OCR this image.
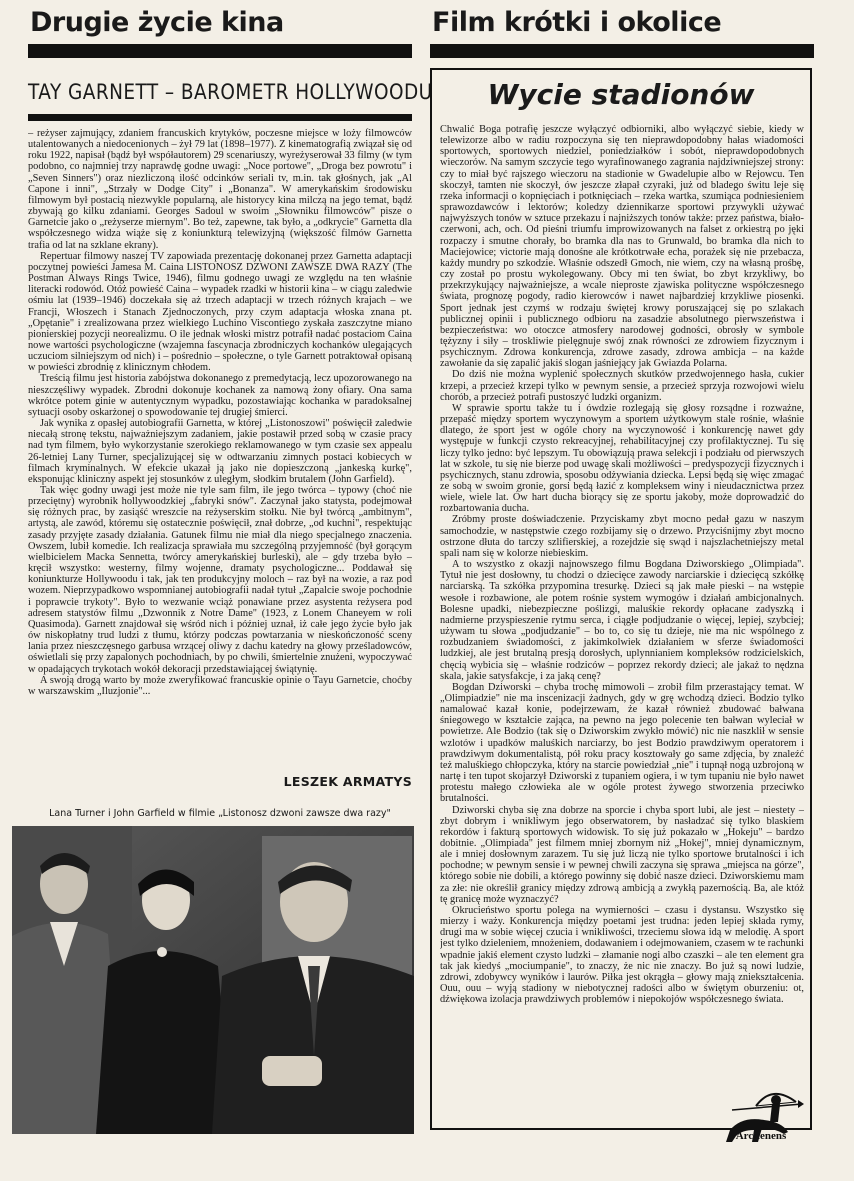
Drugie życie kina	Film krótki i okolice
TAY GARNETT – BAROMETR HOLLYWOODU

– reżyser zajmujący, zdaniem francuskich krytyków, poczesne miejsce w loży filmowców utalentowanych a niedocenionych – żył 79 lat (1898–1977). Z kinematografią związał się od roku 1922, napisał (bądź był współautorem) 29 scenariuszy, wyreżyserował 33 filmy (w tym podobno, co najmniej trzy naprawdę godne uwagi: „Noce portowe", „Droga bez powrotu" i „Seven Sinners") oraz niezliczoną ilość odcinków seriali tv, m.in. tak głośnych, jak „Al Capone i inni", „Strzały w Dodge City" i „Bonanza". W amerykańskim środowisku filmowym był postacią niezwykle popularną, ale historycy kina milczą na jego temat, bądź zbywają go kilku zdaniami. Georges Sadoul w swoim „Słowniku filmowców" pisze o Garnetcie jako o „reżyserze miernym". Bo też, zapewne, tak było, a „odkrycie" Garnetta dla współczesnego widza wiąże się z koniunkturą telewizyjną (większość filmów Garnetta trafia od lat na szklane ekrany).

Repertuar filmowy naszej TV zapowiada prezentację dokonanej przez Garnetta adaptacji poczytnej powieści Jamesa M. Caina LISTONOSZ DZWONI ZAWSZE DWA RAZY (The Postman Always Rings Twice, 1946), filmu godnego uwagi ze względu na ten właśnie literacki rodowód. Otóż powieść Caina – wypadek rzadki w historii kina – w ciągu zaledwie ośmiu lat (1939–1946) doczekała się aż trzech adaptacji w trzech różnych krajach – we Francji, Włoszech i Stanach Zjednoczonych, przy czym adaptacja włoska znana pt. „Opętanie" i zrealizowana przez wielkiego Luchino Viscontiego zyskała zaszczytne miano pionierskiej pozycji neorealizmu. O ile jednak włoski mistrz potrafił nadać postaciom Caina nowe wartości psychologiczne (wzajemna fascynacja zbrodniczych kochanków ulegających uczuciom silniejszym od nich) i – pośrednio – społeczne, o tyle Garnett potraktował opisaną w powieści zbrodnię z klinicznym chłodem.

Treścią filmu jest historia zabójstwa dokonanego z premedytacją, lecz upozorowanego na nieszczęśliwy wypadek. Zbrodni dokonuje kochanek za namową żony ofiary. Ona sama wkrótce potem ginie w autentycznym wypadku, pozostawiając kochanka w paradoksalnej sytuacji osoby oskarżonej o spowodowanie tej drugiej śmierci.

Jak wynika z opasłej autobiografii Garnetta, w której „Listonoszowi" poświęcił zaledwie niecałą stronę tekstu, najważniejszym zadaniem, jakie postawił przed sobą w czasie pracy nad tym filmem, było wykorzystanie szerokiego reklamowanego w tym czasie sex appealu 26-letniej Lany Turner, specjalizującej się w odtwarzaniu zimnych postaci kobiecych w filmach kryminalnych. W efekcie ukazał ją jako nie dopieszczoną „jankeską kurkę", eksponując kliniczny aspekt jej stosunków z uległym, słodkim brutalem (John Garfield).

Tak więc godny uwagi jest może nie tyle sam film, ile jego twórca – typowy (choć nie przeciętny) wyrobnik hollywoodzkiej „fabryki snów". Zaczynał jako statysta, podejmował się różnych prac, by zasiąść wreszcie na reżyserskim stołku. Nie był twórcą „ambitnym", artystą, ale zawód, któremu się ostatecznie poświęcił, znał dobrze, „od kuchni", respektując zasady przyjęte zasady działania. Gatunek filmu nie miał dla niego specjalnego znaczenia. Owszem, lubił komedie. Ich realizacja sprawiała mu szczególną przyjemność (był gorącym wielbicielem Macka Sennetta, twórcy amerykańskiej burleski), ale – gdy trzeba było – kręcił wszystko: westerny, filmy wojenne, dramaty psychologiczne... Poddawał się koniunkturze Hollywoodu i tak, jak ten produkcyjny moloch – raz był na wozie, a raz pod wozem. Nieprzypadkowo wspomnianej autobiografii nadał tytuł „Zapalcie swoje pochodnie i poprawcie trykoty". Było to wezwanie wciąż ponawiane przez asystenta reżysera pod adresem statystów filmu „Dzwonnik z Notre Dame" (1923, z Lonem Chaneyem w roli Quasimoda). Garnett znajdował się wśród nich i później uznał, iż całe jego życie było jak ów niskopłatny trud ludzi z tłumu, którzy podczas powtarzania w nieskończoność sceny lania przez nieszczęsnego garbusa wrzącej oliwy z dachu katedry na głowy prześladowców, oświetlali się przy zapalonych pochodniach, by po chwili, śmiertelnie znużeni, wypoczywać w opadających trykotach wokół dekoracji przedstawiającej świątynię.

A swoją drogą warto by może zweryfikować francuskie opinie o Tayu Garnetcie, choćby w warszawskim „Iluzjonie"...

LESZEK ARMATYS
Lana Turner i John Garfield w filmie „Listonosz dzwoni zawsze dwa razy"
Wycie stadionów

Chwalić Boga potrafię jeszcze wyłączyć odbiorniki, albo wyłączyć siebie, kiedy w telewizorze albo w radiu rozpoczyna się ten nieprawdopodobny hałas wiadomości sportowych, sportowych niedziel, poniedziałków i sobót, nieprawdopodobnych wieczorów. Na samym szczycie tego wyrafinowanego zagrania najdziwniejszej strony: czy to miał być rajszego wieczoru na stadionie w Gwadelupie albo w Rejowcu. Ten skoczył, tamten nie skoczył, ów jeszcze złapał czyraki, już od bladego świtu leje się rzeka informacji o kopnięciach i potknięciach – rzeka wartka, szumiąca podniesieniem sprawozdawców i lektorów; koledzy dziennikarze sportowi przywykli używać najwyższych tonów w sztuce przekazu i najniższych tonów także: przez państwa, biało-czerwoni, ach, och. Od pieśni triumfu improwizowanych na falset z orkiestrą po jęki rozpaczy i smutne chorały, bo bramka dla nas to Grunwald, bo bramka dla nich to Maciejowice; victorie mają donośne ale krótkotrwałe echa, porażek się nie przebacza, każdy mundry po szkodzie. Właśnie odszedł Gmoch, nie wiem, czy na własną prośbę, czy został po prostu wykolegowany. Obcy mi ten świat, bo zbyt krzykliwy, bo przekrzykujący najważniejsze, a wcale nieproste zjawiska polityczne współczesnego świata, prognozę pogody, radio kierowców i nawet najbardziej krzykliwe piosenki. Sport jednak jest czymś w rodzaju świętej krowy poruszającej się po szlakach publicznej opinii i publicznego odbioru na zasadzie absolutnego pierwszeństwa i bezpieczeństwa: wo otoczce atmosfery narodowej godności, obrosły w symbole tężyzny i siły – troskliwie pielęgnuje swój znak równości ze zdrowiem fizycznym i psychicznym. Zdrowa konkurencja, zdrowe zasady, zdrowa ambicja – na każde zawołanie da się zapalić jakiś slogan jaśniejący jak Gwiazda Polarna.

Do dziś nie można wyplenić społecznych skutków przedwojennego hasła, cukier krzepi, a przecież krzepi tylko w pewnym sensie, a przecież sprzyja rozwojowi wielu chorób, a przecież potrafi pustoszyć ludzki organizm.

W sprawie sportu także tu i ówdzie rozlegają się głosy rozsądne i rozważne, przepaść między sportem wyczynowym a sportem użytkowym stale rośnie, właśnie dlatego, że sport jest w ogóle chory na wyczynowość i konkurencję nawet gdy występuje w funkcji czysto rekreacyjnej, rehabilitacyjnej czy profilaktycznej. Tu się liczy tylko jedno: być lepszym. Tu obowiązują prawa selekcji i podziału od pierwszych lat w szkole, tu się nie bierze pod uwagę skali możliwości – predyspozycji fizycznych i psychicznych, stanu zdrowia, sposobu odżywiania dziecka. Lepsi będą się więc zmagać ze sobą w swoim gronie, gorsi będą łazić z kompleksem winy i nieudacznictwa przez wiele, wiele lat. Ów hart ducha biorący się ze sportu jakoby, może doprowadzić do rozbartowania ducha.

Zróbmy proste doświadczenie. Przyciskamy zbyt mocno pedał gazu w naszym samochodzie, w następstwie czego rozbijamy się o drzewo. Przyciśnijmy zbyt mocno ostrzone dłuta do tarczy szlifierskiej, a rozejdzie się swąd i najszlachetniejszy metal spali nam się w kolorze niebieskim.

A to wszystko z okazji najnowszego filmu Bogdana Dziworskiego „Olimpiada". Tytuł nie jest dosłowny, tu chodzi o dziecięce zawody narciarskie i dziecięcą szkółkę narciarską. Ta szkółka przypomina tresurkę. Dzieci są jak małe pieski – na wstępie wesołe i rozbawione, ale potem rośnie system wymogów i działań ambicjonalnych. Bolesne upadki, niebezpieczne poślizgi, maluśkie rekordy opłacane zadyszką i nadmierne przyspieszenie rytmu serca, i ciągłe podjudzanie o więcej, lepiej, szybciej; używam tu słowa „podjudzanie" – bo to, co się tu dzieje, nie ma nic wspólnego z rozbudzaniem świadomości, z jakimkolwiek działaniem w sferze świadomości ludzkiej, ale jest brutalną presją dorosłych, uplynnianiem kompleksów rodzicielskich, chęcią wybicia się – właśnie rodziców – poprzez rekordy dzieci; ale jakaż to nędzna skala, jakie satysfakcje, i za jaką cenę?

Bogdan Dziworski – chyba trochę mimowoli – zrobił film przerastający temat. W „Olimpiadzie" nie ma inscenizacji żadnych, gdy w grę wchodzą dzieci. Bodzio tylko namalować kazał konie, podejrzewam, że kazał również zbudować bałwana śniegowego w kształcie zająca, na pewno na jego polecenie ten bałwan wyleciał w powietrze. Ale Bodzio (tak się o Dziworskim zwykło mówić) nic nie naszklił w sensie wzlotów i upadków maluśkich narciarzy, bo jest Bodzio prawdziwym operatorem i prawdziwym dokumentalistą, pół roku pracy kosztowały go same zdjęcia, by znaleźć też maluśkiego chłopczyka, który na starcie powiedział „nie" i tupnął nogą uzbrojoną w nartę i ten tupot skojarzył Dziworski z tupaniem ogiera, i w tym tupaniu nie było nawet protestu małego człowieka ale w ogóle protest żywego stworzenia przeciwko brutalności.

Dziworski chyba się zna dobrze na sporcie i chyba sport lubi, ale jest – niestety – zbyt dobrym i wnikliwym jego obserwatorem, by nasładzać się tylko blaskiem rekordów i fakturą sportowych widowisk. To się już pokazało w „Hokeju" – bardzo dobitnie. „Olimpiada" jest filmem mniej zbornym niż „Hokej", mniej dynamicznym, ale i mniej dosłownym zarazem. Tu się już liczą nie tylko sportowe brutalności i ich pochodne; w pewnym sensie i w pewnej chwili zaczyna się sprawa „miejsca na górze", którego sobie nie dobili, a którego powinny się dobić nasze dzieci. Dziworskiemu mam za złe: nie określił granicy między zdrową ambicją a zwykłą pazernością. Ba, ale któż tę granicę może wyznaczyć?

Okrucieństwo sportu polega na wymierności – czasu i dystansu. Wszystko się mierzy i waży. Konkurencja między poetami jest trudna: jeden lepiej składa rymy, drugi ma w sobie więcej czucia i wnikliwości, trzeciemu słowa idą w melodię. A sport jest tylko dzieleniem, mnożeniem, dodawaniem i odejmowaniem, czasem w te rachunki wpadnie jakiś element czysto ludzki – złamanie nogi albo czaszki – ale ten element gra tak jak kiedyś „mociumpanie", to znaczy, że nic nie znaczy. Bo już są nowi ludzie, zdrowi, zdobywcy wyników i laurów. Piłka jest okrągła – głowy mają zniekształcenia. Ouu, ouu – wyją stadiony w niebotycznej radości albo w świętym oburzeniu: ot, dźwiękowa izolacja prawdziwych problemów i niepokojów współczesnego świata.

Arcitenens
